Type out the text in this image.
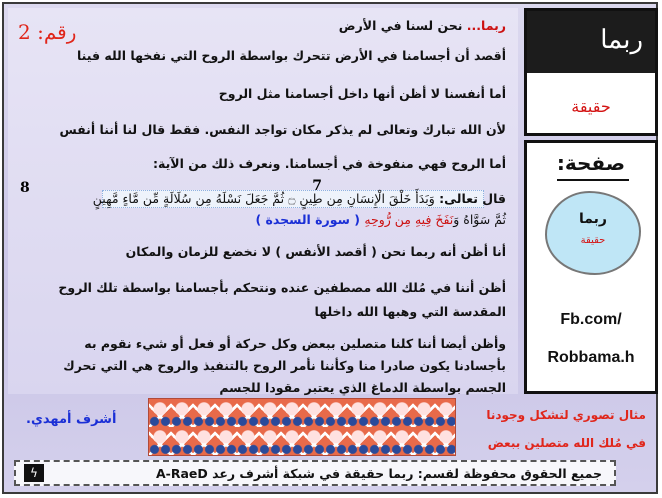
رقم: 2	ربما... نحن لسنا في الأرض
أقصد أن أجسامنا في الأرض تتحرك بواسطة الروح التي نفخها الله فينا
أما أنفسنا لا أظن أنها داخل أجسامنا مثل الروح
لأن الله تبارك وتعالى لم يذكر مكان تواجد النفس. فقط قال لنا أننا أنفس
أما الروح فهي منفوخة في أجسامنا. ونعرف ذلك من الآية:
7
8
قال تعالى: وَبَدَأَ خَلْقَ الْإِنسَانِ مِن طِينٍ ۝ ثُمَّ جَعَلَ نَسْلَهُ مِن سُلَالَةٍ مِّن مَّاءٍ مَّهِينٍ
ثُمَّ سَوَّاهُ وَنَفَخَ فِيهِ مِن رُّوحِهِ ( سورة السجدة )
أنا أظن أنه ربما نحن ( أقصد الأنفس ) لا نخضع للزمان والمكان
أظن أننا في مُلك الله مصطفين عنده ونتحكم بأجسامنا بواسطة تلك الروح
المقدسة التي وهبها الله داخلها
وأظن أيضا أننا كلنا متصلين ببعض وكل حركة أو فعل أو شيء نقوم به
بأجسادنا يكون صادرا منا وكأننا نأمر الروح بالتنفيذ والروح هي التي تحرك
الجسم بواسطة الدماغ الذي يعتبر مقودا للجسم
أشرف أمهدي.	مثال تصوري لتشكل وجودنا
في مُلك الله متصلين ببعض
ϟ	جميع الحقوق محفوظة لقسم: ربما حقيقة في شبكة أشرف رعد A-RaeD
ربما
حقيقة
صفحة:
ربما
حقيقة
Fb.com/
Robbama.h
